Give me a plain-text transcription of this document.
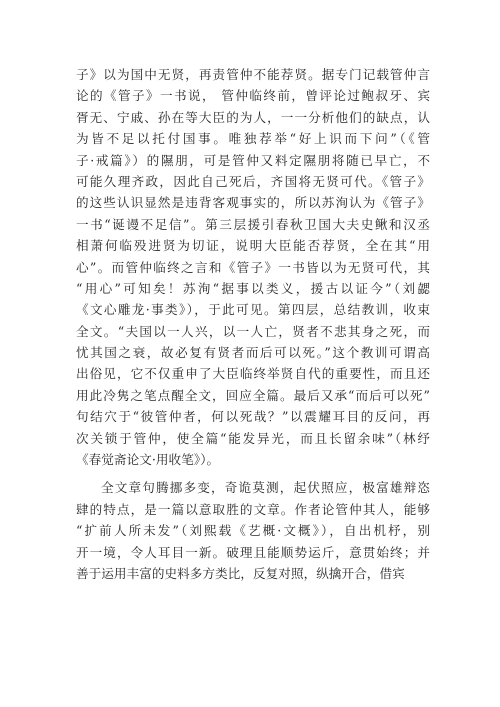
子》以为国中无贤，再责管仲不能荐贤。据专门记载管仲言
论的《管子》一书说， 管仲临终前，曾评论过鲍叔牙、宾
胥无、宁戚、孙在等大臣的为人，一一分析他们的缺点，认
为皆不足以托付国事。唯独荐举“好上识而下问”（《管
子·戒篇》）的隰朋，可是管仲又料定隰朋将随已早亡，不
可能久理齐政，因此自己死后，齐国将无贤可代。《管子》
的这些认识显然是违背客观事实的，所以苏洵认为《管子》
一书“诞谩不足信”。第三层援引春秋卫国大夫史鳅和汉丞
相萧何临殁进贤为切证，说明大臣能否荐贤，全在其“用
心”。而管仲临终之言和《管子》一书皆以为无贤可代，其
“用心”可知矣！苏洵“据事以类义，援古以证今”（刘勰
《文心雕龙·事类》），于此可见。第四层，总结教训，收束
全文。“夫国以一人兴，以一人亡，贤者不悲其身之死，而
忧其国之衰，故必复有贤者而后可以死。”这个教训可谓高
出俗见，它不仅重申了大臣临终举贤自代的重要性，而且还
用此冷隽之笔点醒全文，回应全篇。最后又承“而后可以死”
句结穴于“彼管仲者，何以死哉？”以震耀耳目的反问，再
次关锁于管仲，使全篇“能发异光，而且长留余味”（林纾
《春觉斋论文·用收笔》）。
全文章句腾挪多变，奇诡莫测，起伏照应，极富雄辩恣
肆的特点，是一篇以意取胜的文章。作者论管仲其人，能够
“扩前人所未发”（刘熙载《艺概·文概》），自出机杼，别
开一境，令人耳目一新。破理且能顺势运斤，意贯始终；并
善于运用丰富的史料多方类比，反复对照，纵擒开合，借宾
